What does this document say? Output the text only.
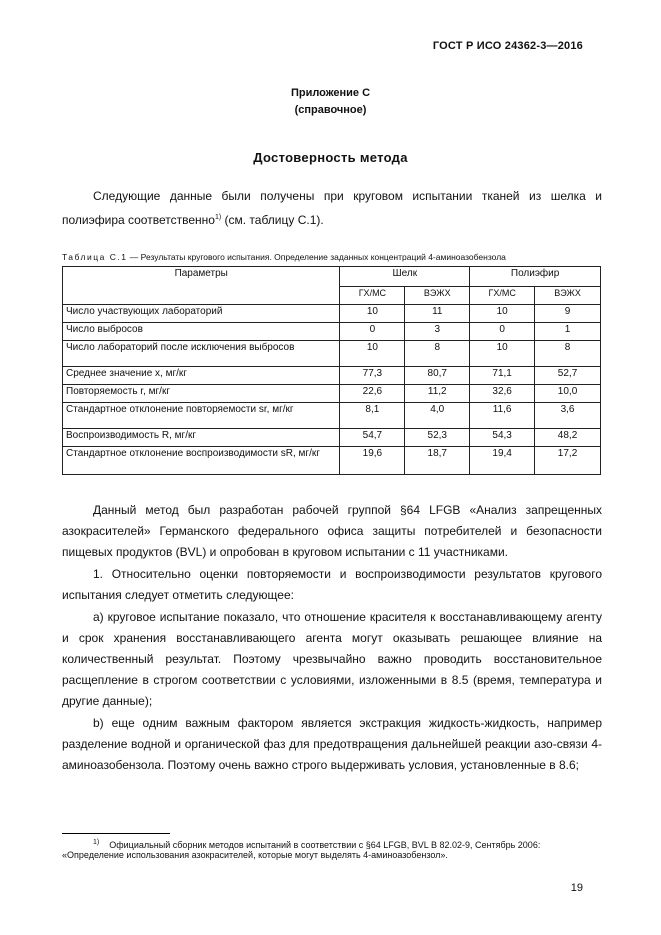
ГОСТ Р ИСО 24362-3—2016
Приложение С
(справочное)
Достоверность метода
Следующие данные были получены при круговом испытании тканей из шелка и полиэфира соответственно$^{1)}$ (см. таблицу С.1).
Таблица С.1 — Результаты кругового испытания. Определение заданных концентраций 4-аминоазобензола
Параметры	Шелк		Полиэфир	
	ГХ/МС	ВЭЖХ	ГХ/МС	ВЭЖХ
Число участвующих лабораторий	10	11	10	9
Число выбросов	0	3	0	1
Число лабораторий после исключения выбросов	10	8	10	8
Среднее значение x, мг/кг	77,3	80,7	71,1	52,7
Повторяемость r, мг/кг	22,6	11,2	32,6	10,0
Стандартное отклонение повторяемости sr, мг/кг	8,1	4,0	11,6	3,6
Воспроизводимость R, мг/кг	54,7	52,3	54,3	48,2
Стандартное отклонение воспроизводимости sR, мг/кг	19,6	18,7	19,4	17,2
Данный метод был разработан рабочей группой §64 LFGB «Анализ запрещенных азокрасителей» Германского федерального офиса защиты потребителей и безопасности пищевых продуктов (BVL) и опробован в круговом испытании с 11 участниками.
1. Относительно оценки повторяемости и воспроизводимости результатов кругового испытания следует отметить следующее:
а) круговое испытание показало, что отношение красителя к восстанавливающему агенту и срок хранения восстанавливающего агента могут оказывать решающее влияние на количественный результат. Поэтому чрезвычайно важно проводить восстановительное расщепление в строгом соответствии с условиями, изложенными в 8.5 (время, температура и другие данные);
b) еще одним важным фактором является экстракция жидкость-жидкость, например разделение водной и органической фаз для предотвращения дальнейшей реакции азо-связи 4-аминоазобензола. Поэтому очень важно строго выдерживать условия, установленные в 8.6;
$^{1)}$ Официальный сборник методов испытаний в соответствии с §64 LFGB, BVL B 82.02-9, Сентябрь 2006:
«Определение использования азокрасителей, которые могут выделять 4-аминоазобензол».
19
